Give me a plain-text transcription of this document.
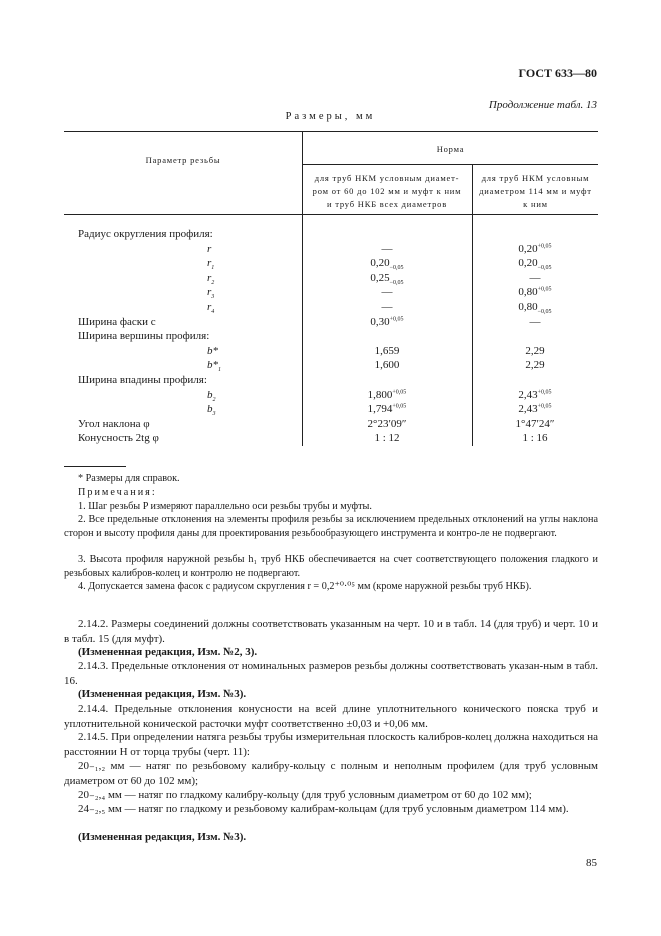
ГОСТ 633—80
Продолжение табл. 13
Размеры, мм
Параметр резьбы
Норма
для труб НКМ условным диамет-
ром от 60 до 102 мм и муфт к ним
и труб НКБ всех диаметров
для труб НКМ условным
диаметром 114 мм и муфт
к ним
Радиус округления профиля:
r	—	$0,20^{+0,05}$
$r_1$	$0,20_{-0,05}$	$0,20_{-0,05}$
$r_2$	$0,25_{-0,05}$	—
$r_3$	—	$0,80^{+0,05}$
$r_4$	—	$0,80_{-0,05}$
Ширина фаски c	$0,30^{+0,05}$	—
Ширина вершины профиля:
b*	1,659	2,29
$b*_1$	1,600	2,29
Ширина впадины профиля:
$b_2$	$1,800^{+0,05}$	$2,43^{+0,05}$
$b_3$	$1,794^{+0,05}$	$2,43^{+0,05}$
Угол наклона φ	2°23′09″	1°47′24″
Конусность 2tg φ	1 : 12	1 : 16
* Размеры для справок.
Примечания:
1. Шаг резьбы P измеряют параллельно оси резьбы трубы и муфты.
2. Все предельные отклонения на элементы профиля резьбы за исключением предельных отклонений на углы наклона сторон и высоту профиля даны для проектирования резьбообразующего инструмента и контро-ле не подвергают.
3. Высота профиля наружной резьбы h₁ труб НКБ обеспечивается на счет соответствующего положения гладкого и резьбовых калибров-колец и контролю не подвергают.
4. Допускается замена фасок c радиусом скругления r = 0,2⁺⁰·⁰⁵ мм (кроме наружной резьбы труб НКБ).
2.14.2. Размеры соединений должны соответствовать указанным на черт. 10 и в табл. 14 (для труб) и черт. 10 и в табл. 15 (для муфт).
(Измененная редакция, Изм. №2, 3).
2.14.3. Предельные отклонения от номинальных размеров резьбы должны соответствовать указан-ным в табл. 16.
(Измененная редакция, Изм. №3).
2.14.4. Предельные отклонения конусности на всей длине уплотнительного конического пояска труб и уплотнительной конической расточки муфт соответственно ±0,03 и +0,06 мм.
2.14.5. При определении натяга резьбы трубы измерительная плоскость калибров-колец должна находиться на расстоянии H от торца трубы (черт. 11):
20₋₁,₂ мм — натяг по резьбовому калибру-кольцу с полным и неполным профилем (для труб условным диаметром от 60 до 102 мм);
20₋₂,₄ мм — натяг по гладкому калибру-кольцу (для труб условным диаметром от 60 до 102 мм);
24₋₂,₅ мм — натяг по гладкому и резьбовому калибрам-кольцам (для труб условным диаметром 114 мм).
(Измененная редакция, Изм. №3).
85
